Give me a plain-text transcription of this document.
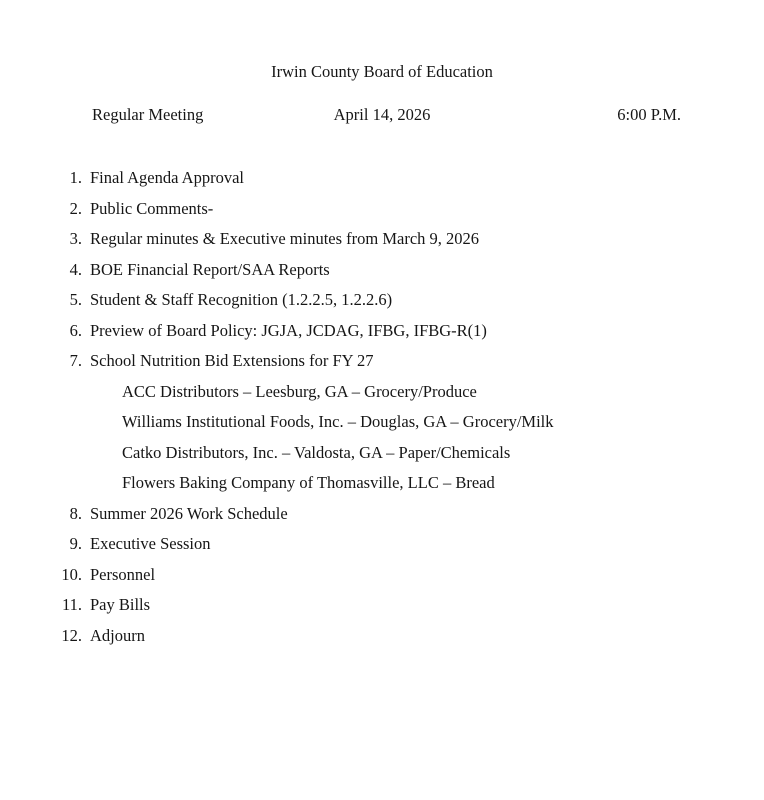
Irwin County Board of Education
Regular Meeting	April 14, 2026	6:00 P.M.
1. Final Agenda Approval
2. Public Comments-
3. Regular minutes & Executive minutes from March 9, 2026
4. BOE Financial Report/SAA Reports
5. Student & Staff Recognition (1.2.2.5, 1.2.2.6)
6. Preview of Board Policy: JGJA, JCDAG, IFBG, IFBG-R(1)
7. School Nutrition Bid Extensions for FY 27
ACC Distributors – Leesburg, GA – Grocery/Produce
Williams Institutional Foods, Inc. – Douglas, GA – Grocery/Milk
Catko Distributors, Inc. – Valdosta, GA – Paper/Chemicals
Flowers Baking Company of Thomasville, LLC – Bread
8. Summer 2026 Work Schedule
9. Executive Session
10. Personnel
11. Pay Bills
12. Adjourn
